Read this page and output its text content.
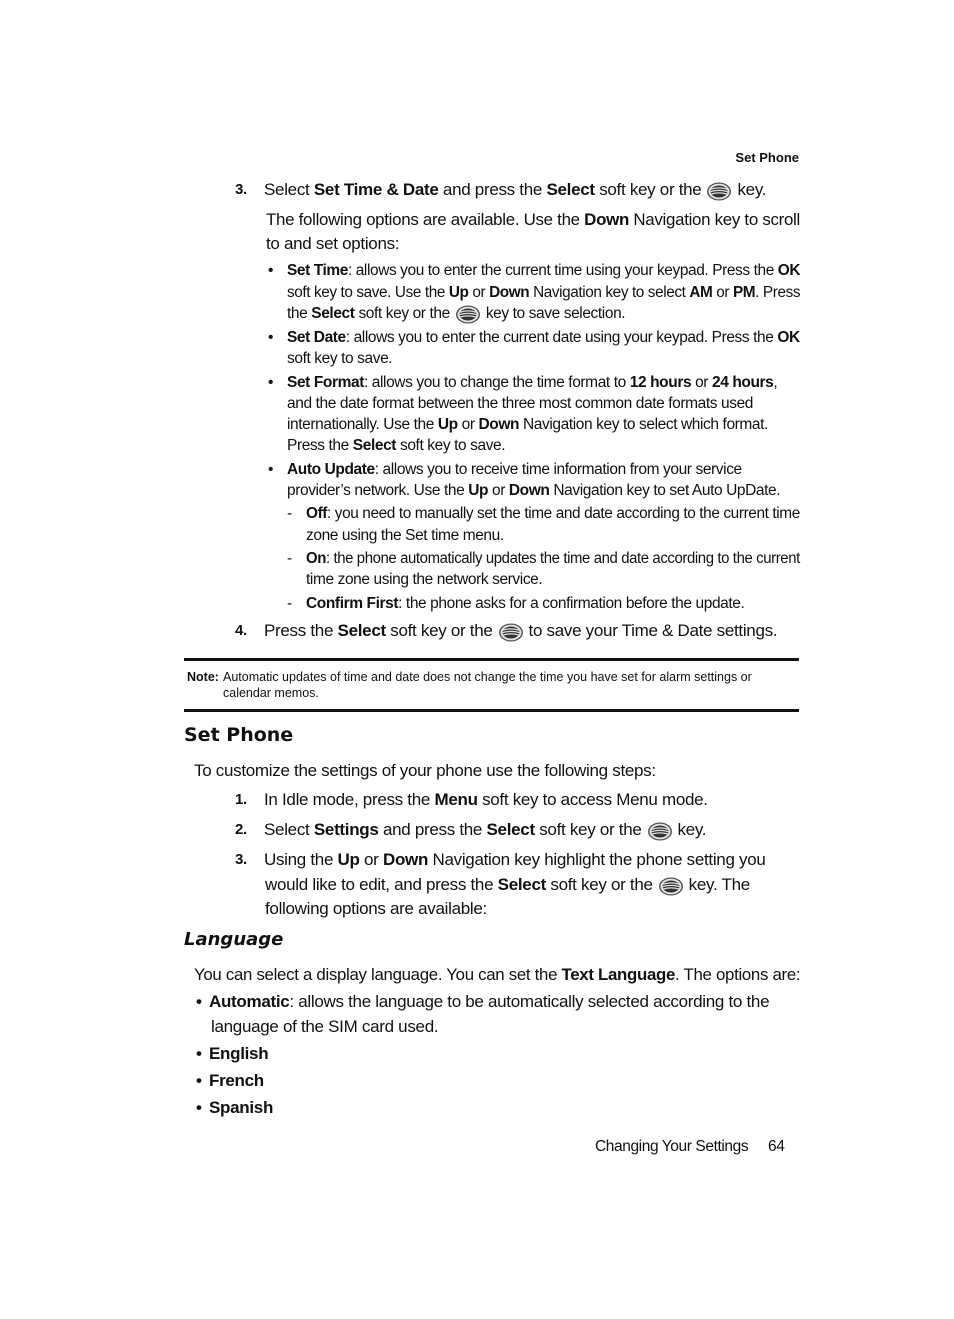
Set Phone
3. Select Set Time & Date and press the Select soft key or the key.
The following options are available. Use the Down Navigation key to scroll
to and set options:
• Set Time: allows you to enter the current time using your keypad. Press the OK
soft key to save. Use the Up or Down Navigation key to select AM or PM. Press
the Select soft key or the key to save selection.
• Set Date: allows you to enter the current date using your keypad. Press the OK
soft key to save.
• Set Format: allows you to change the time format to 12 hours or 24 hours,
and the date format between the three most common date formats used
internationally. Use the Up or Down Navigation key to select which format.
Press the Select soft key to save.
• Auto Update: allows you to receive time information from your service
provider’s network. Use the Up or Down Navigation key to set Auto UpDate.
- Off: you need to manually set the time and date according to the current time
zone using the Set time menu.
- On: the phone automatically updates the time and date according to the current
time zone using the network service.
- Confirm First: the phone asks for a confirmation before the update.
4. Press the Select soft key or the to save your Time & Date settings.
Note: Automatic updates of time and date does not change the time you have set for alarm settings or
calendar memos.
Set Phone
To customize the settings of your phone use the following steps:
1. In Idle mode, press the Menu soft key to access Menu mode.
2. Select Settings and press the Select soft key or the key.
3. Using the Up or Down Navigation key highlight the phone setting you
would like to edit, and press the Select soft key or the key. The
following options are available:
Language
You can select a display language. You can set the Text Language. The options are:
• Automatic: allows the language to be automatically selected according to the
language of the SIM card used.
• English
• French
• Spanish
Changing Your Settings 64
